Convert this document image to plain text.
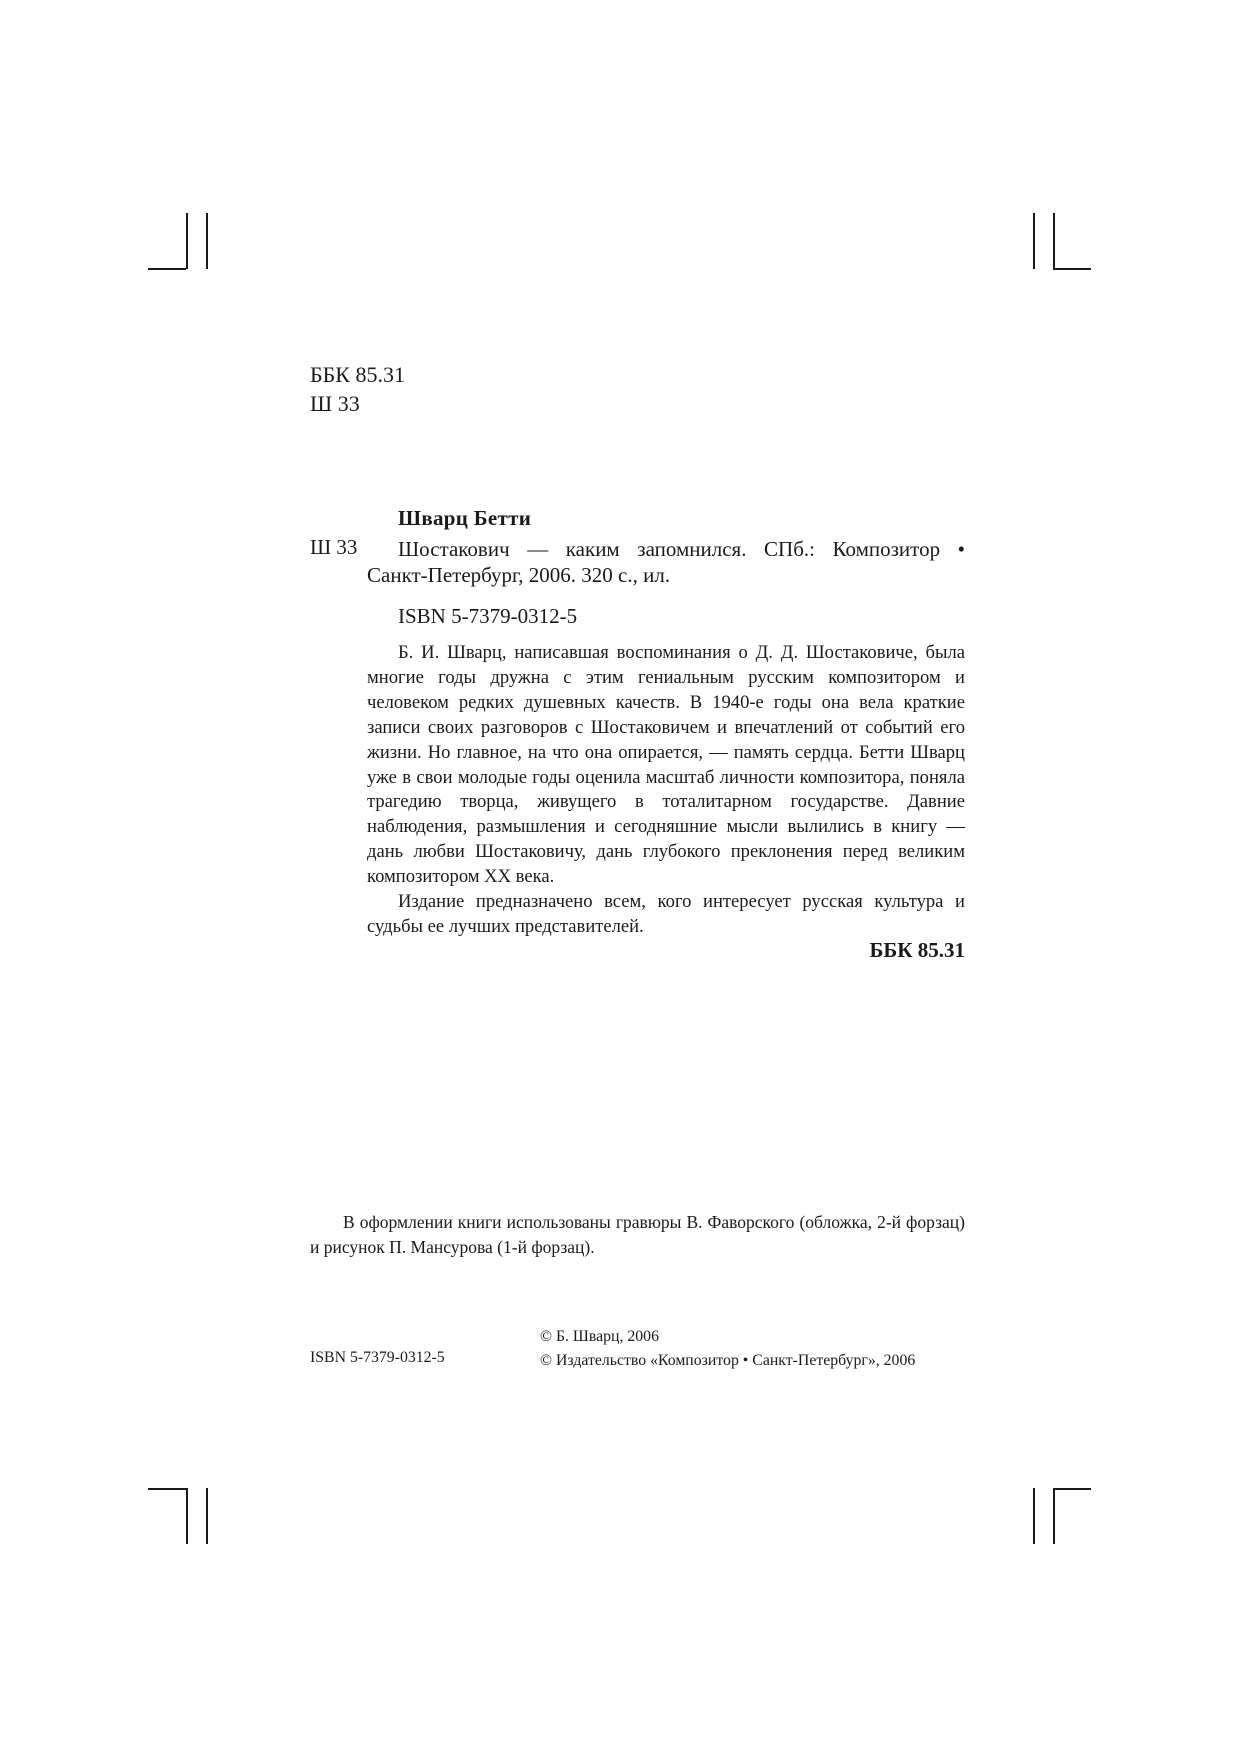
ББК 85.31
Ш 33
Шварц Бетти
Ш 33 Шостакович — каким запомнился. СПб.: Композитор •
Санкт-Петербург, 2006. 320 с., ил.
ISBN 5-7379-0312-5

Б. И. Шварц, написавшая воспоминания о Д. Д. Шостаковиче, была многие годы дружна с этим гениальным русским композитором и человеком редких душевных качеств. В 1940-е годы она вела краткие записи своих разговоров с Шостаковичем и впечатлений от событий его жизни. Но главное, на что она опирается, — память сердца. Бетти Шварц уже в свои молодые годы оценила масштаб личности композитора, поняла трагедию творца, живущего в тоталитарном государстве. Давние наблюдения, размышления и сегодняшние мысли вылились в книгу — дань любви Шостаковичу, дань глубокого преклонения перед великим композитором XX века.

Издание предназначено всем, кого интересует русская культура и судьбы ее лучших представителей.

ББК 85.31

В оформлении книги использованы гравюры В. Фаворского (обложка, 2-й форзац) и рисунок П. Мансурова (1-й форзац).

ISBN 5-7379-0312-5
© Б. Шварц, 2006
© Издательство «Композитор • Санкт-Петербург», 2006
